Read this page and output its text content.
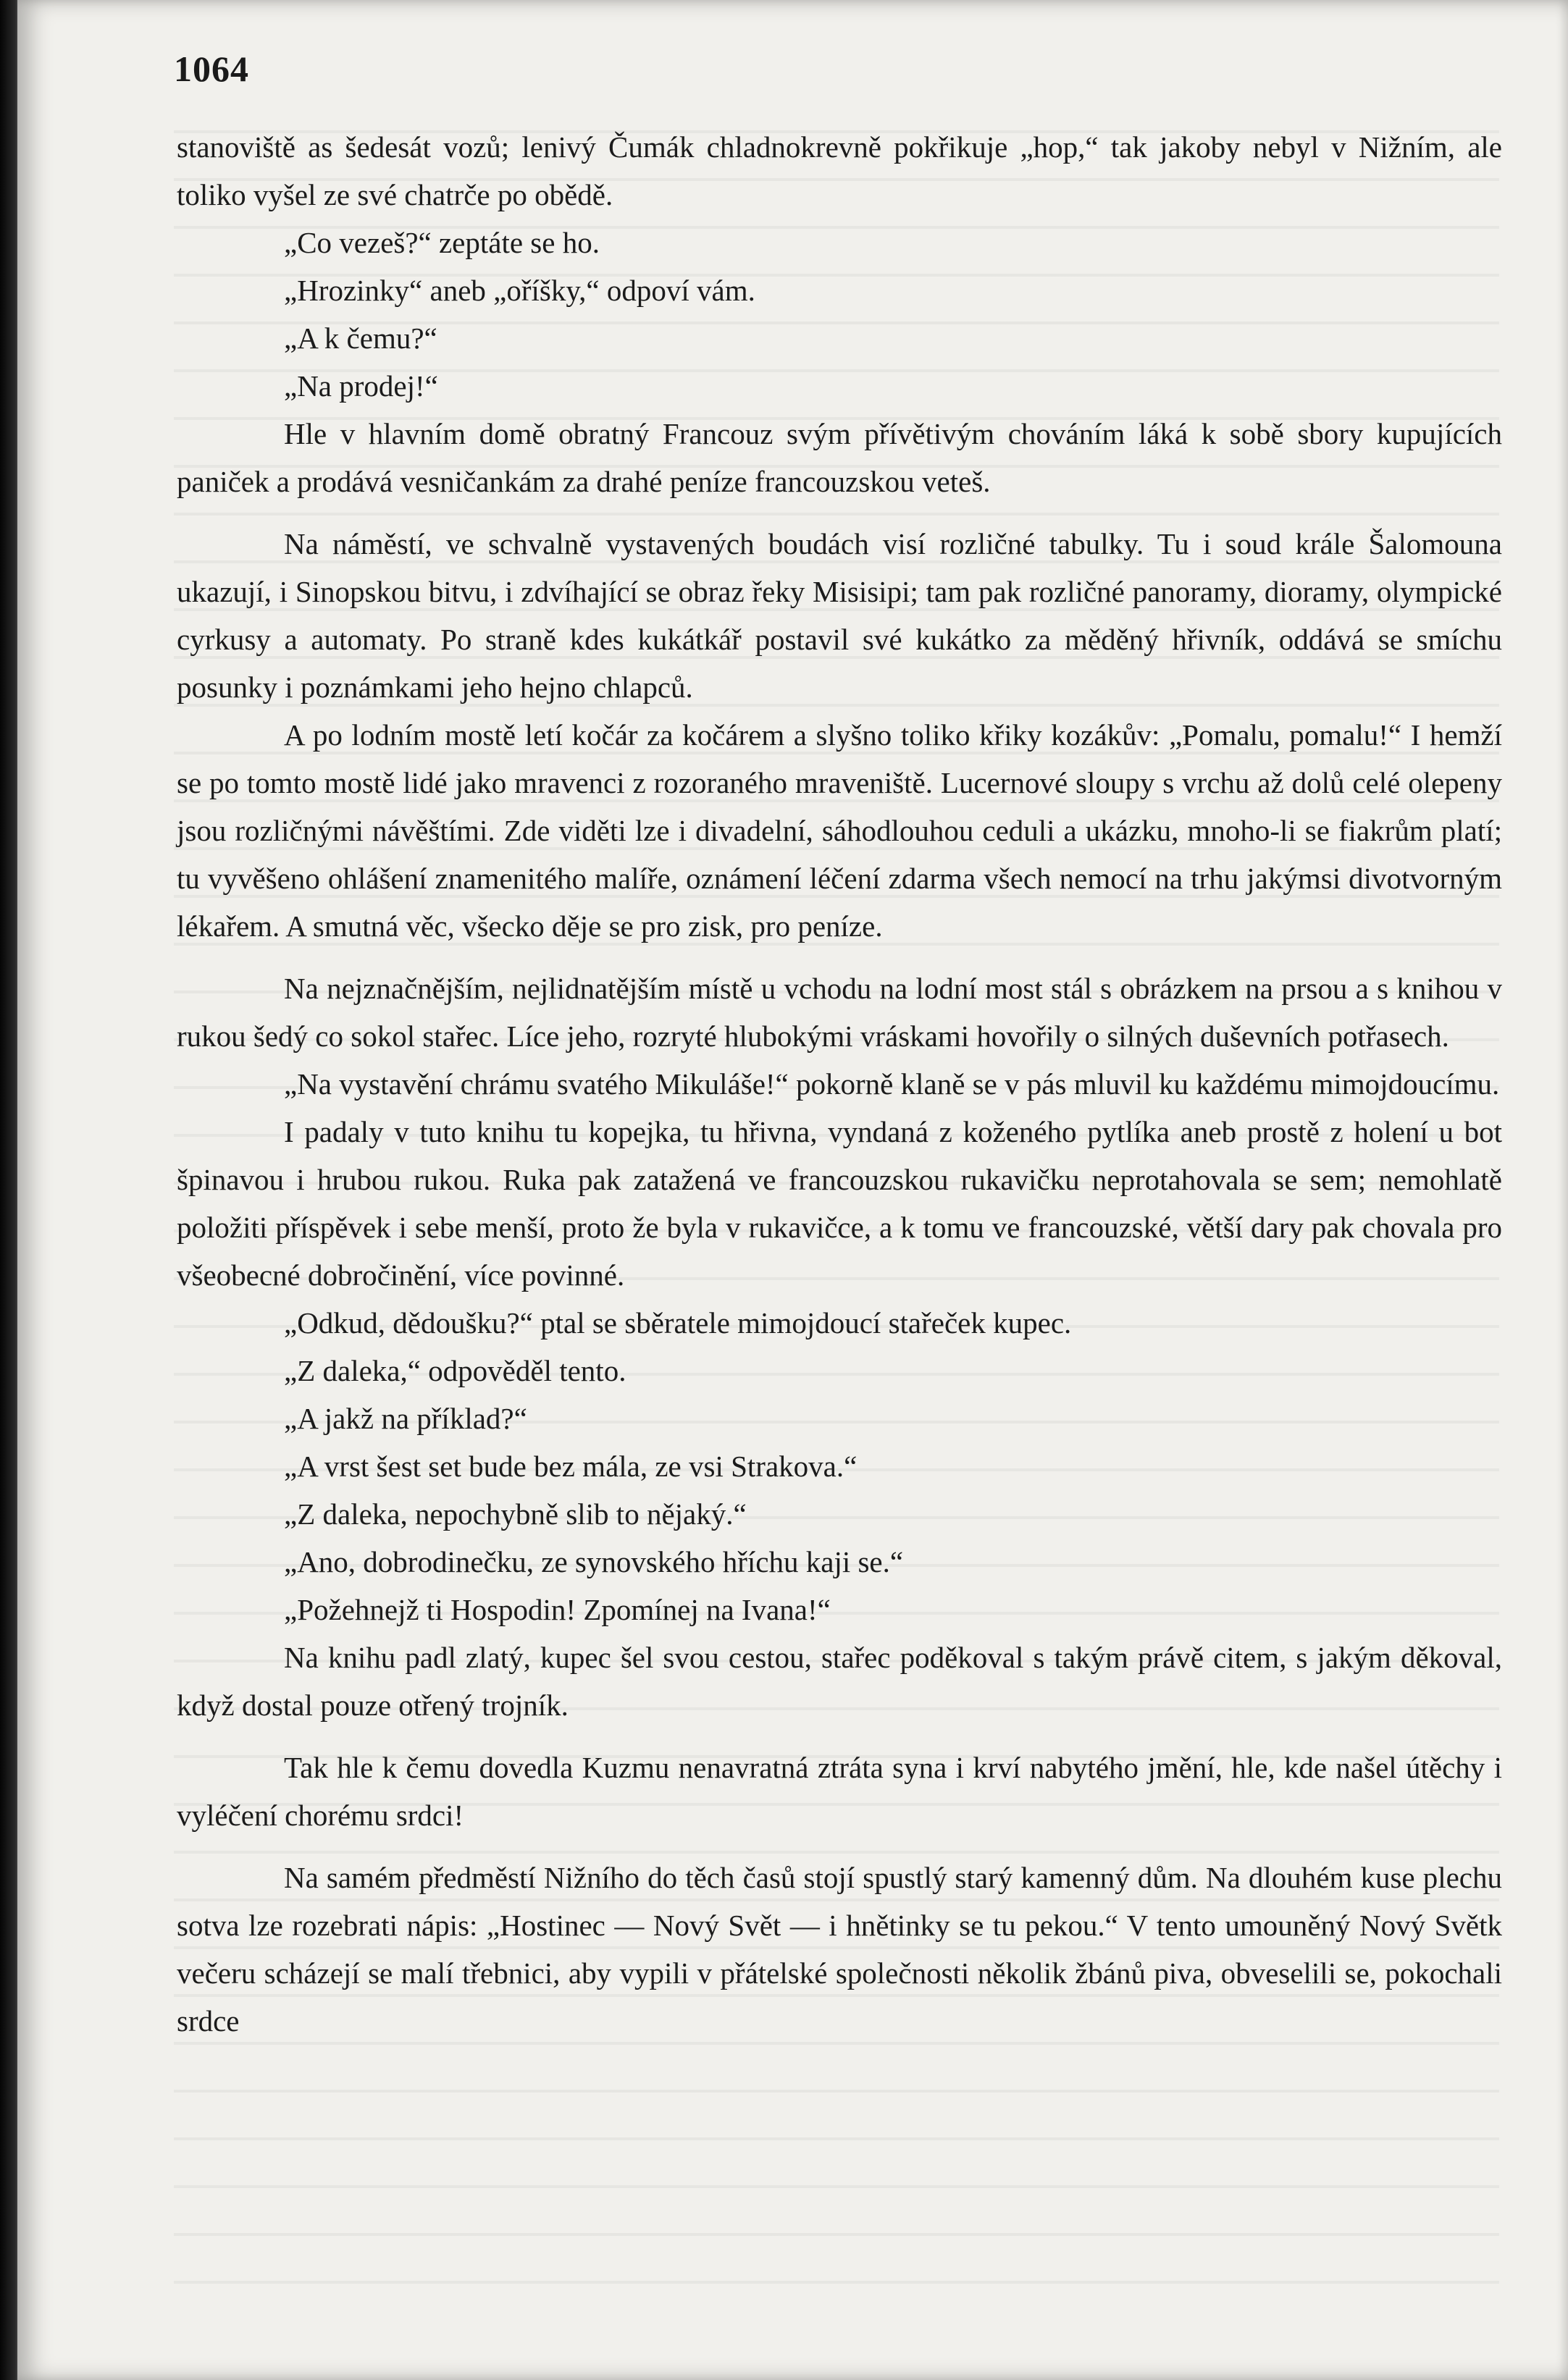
1064

stanoviště as šedesát vozů; lenivý Čumák chladnokrevně pokřikuje „hop,“ tak jakoby nebyl v Nižním, ale toliko vyšel ze své chatrče po obědě.

„Co vezeš?“ zeptáte se ho.

„Hrozinky“ aneb „oříšky,“ odpoví vám.

„A k čemu?“

„Na prodej!“

Hle v hlavním domě obratný Francouz svým přívětivým chováním láká k sobě sbory kupujících paniček a prodává vesničankám za drahé peníze francouzskou veteš.

Na náměstí, ve schvalně vystavených boudách visí rozličné tabulky. Tu i soud krále Šalomouna ukazují, i Sinopskou bitvu, i zdvíhající se obraz řeky Misisipi; tam pak rozličné panoramy, dioramy, olympické cyrkusy a automaty. Po straně kdes kukátkář postavil své kukátko za měděný hřivník, oddává se smíchu posunky i poznámkami jeho hejno chlapců.

A po lodním mostě letí kočár za kočárem a slyšno toliko křiky kozákův: „Pomalu, pomalu!“ I hemží se po tomto mostě lidé jako mravenci z rozoraného mraveniště. Lucernové sloupy s vrchu až dolů celé olepeny jsou rozličnými návěštími. Zde viděti lze i divadelní, sáhodlouhou ceduli a ukázku, mnoho-li se fiakrům platí; tu vyvěšeno ohlášení znamenitého malíře, oznámení léčení zdarma všech nemocí na trhu jakýmsi divotvorným lékařem. A smutná věc, všecko děje se pro zisk, pro peníze.

Na nejznačnějším, nejlidnatějším místě u vchodu na lodní most stál s obrázkem na prsou a s knihou v rukou šedý co sokol stařec. Líce jeho, rozryté hlubokými vráskami hovořily o silných duševních potřasech.

„Na vystavění chrámu svatého Mikuláše!“ pokorně klaně se v pás mluvil ku každému mimojdoucímu.

I padaly v tuto knihu tu kopejka, tu hřivna, vyndaná z koženého pytlíka aneb prostě z holení u bot špinavou i hrubou rukou. Ruka pak zatažená ve francouzskou rukavičku neprotahovala se sem; nemohlatě položiti příspěvek i sebe menší, proto že byla v rukavičce, a k tomu ve francouzské, větší dary pak chovala pro všeobecné dobročinění, více povinné.

„Odkud, dědoušku?“ ptal se sběratele mimojdoucí stařeček kupec.

„Z daleka,“ odpověděl tento.

„A jakž na příklad?“

„A vrst šest set bude bez mála, ze vsi Strakova.“

„Z daleka, nepochybně slib to nějaký.“

„Ano, dobrodinečku, ze synovského hříchu kaji se.“

„Požehnejž ti Hospodin! Zpomínej na Ivana!“

Na knihu padl zlatý, kupec šel svou cestou, stařec poděkoval s takým právě citem, s jakým děkoval, když dostal pouze otřený trojník.

Tak hle k čemu dovedla Kuzmu nenavratná ztráta syna i krví nabytého jmění, hle, kde našel útěchy i vyléčení chorému srdci!

Na samém předměstí Nižního do těch časů stojí spustlý starý kamenný dům. Na dlouhém kuse plechu sotva lze rozebrati nápis: „Hostinec — Nový Svět — i hnětinky se tu pekou.“ V tento umouněný Nový Světk večeru scházejí se malí třebnici, aby vypili v přátelské společnosti několik žbánů piva, obveselili se, pokochali srdce
